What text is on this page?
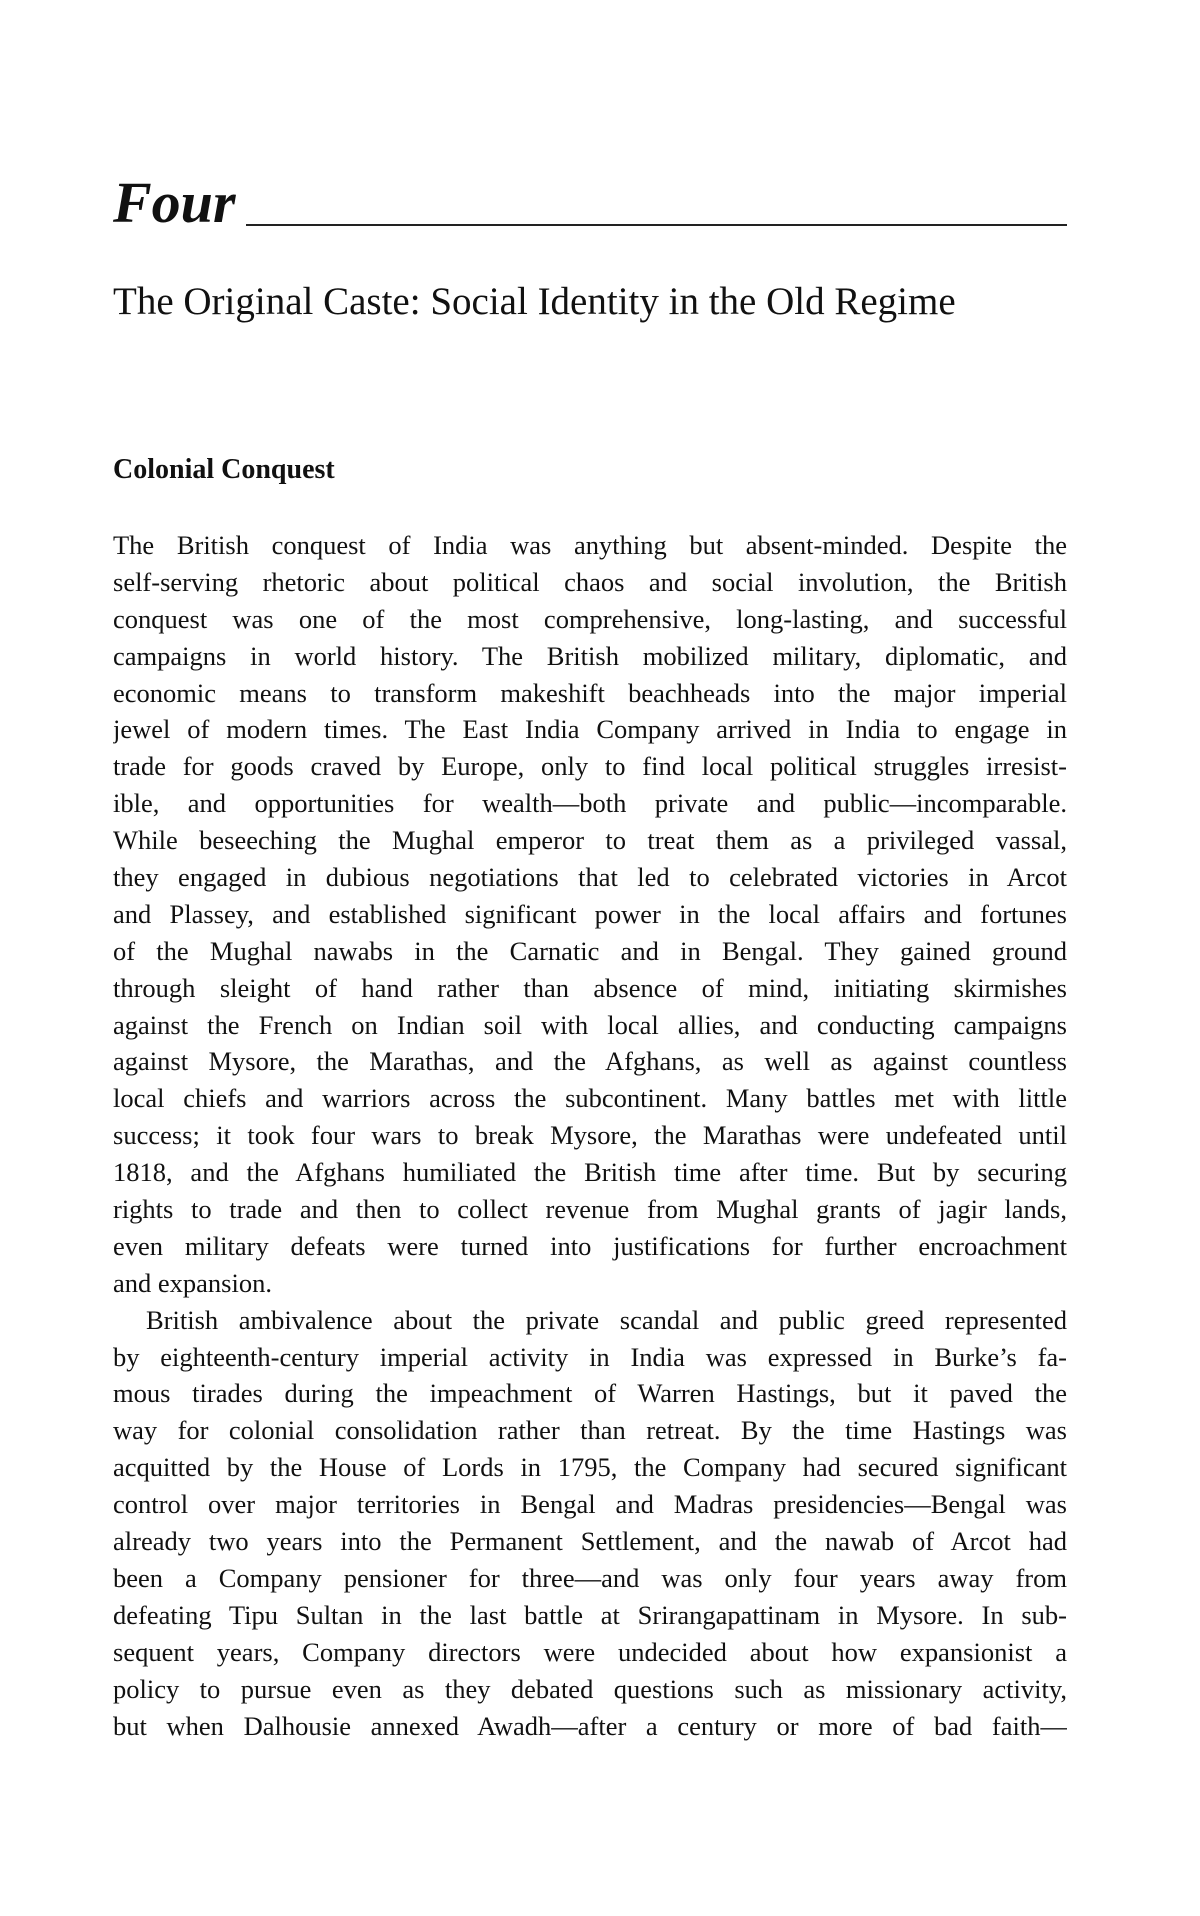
Four
The Original Caste: Social Identity in the Old Regime
Colonial Conquest
The British conquest of India was anything but absent-minded. Despite the
self-serving rhetoric about political chaos and social involution, the British
conquest was one of the most comprehensive, long-lasting, and successful
campaigns in world history. The British mobilized military, diplomatic, and
economic means to transform makeshift beachheads into the major imperial
jewel of modern times. The East India Company arrived in India to engage in
trade for goods craved by Europe, only to find local political struggles irresist-
ible, and opportunities for wealth—both private and public—incomparable.
While beseeching the Mughal emperor to treat them as a privileged vassal,
they engaged in dubious negotiations that led to celebrated victories in Arcot
and Plassey, and established significant power in the local affairs and fortunes
of the Mughal nawabs in the Carnatic and in Bengal. They gained ground
through sleight of hand rather than absence of mind, initiating skirmishes
against the French on Indian soil with local allies, and conducting campaigns
against Mysore, the Marathas, and the Afghans, as well as against countless
local chiefs and warriors across the subcontinent. Many battles met with little
success; it took four wars to break Mysore, the Marathas were undefeated until
1818, and the Afghans humiliated the British time after time. But by securing
rights to trade and then to collect revenue from Mughal grants of jagir lands,
even military defeats were turned into justifications for further encroachment
and expansion.
British ambivalence about the private scandal and public greed represented
by eighteenth-century imperial activity in India was expressed in Burke’s fa-
mous tirades during the impeachment of Warren Hastings, but it paved the
way for colonial consolidation rather than retreat. By the time Hastings was
acquitted by the House of Lords in 1795, the Company had secured significant
control over major territories in Bengal and Madras presidencies—Bengal was
already two years into the Permanent Settlement, and the nawab of Arcot had
been a Company pensioner for three—and was only four years away from
defeating Tipu Sultan in the last battle at Srirangapattinam in Mysore. In sub-
sequent years, Company directors were undecided about how expansionist a
policy to pursue even as they debated questions such as missionary activity,
but when Dalhousie annexed Awadh—after a century or more of bad faith—
